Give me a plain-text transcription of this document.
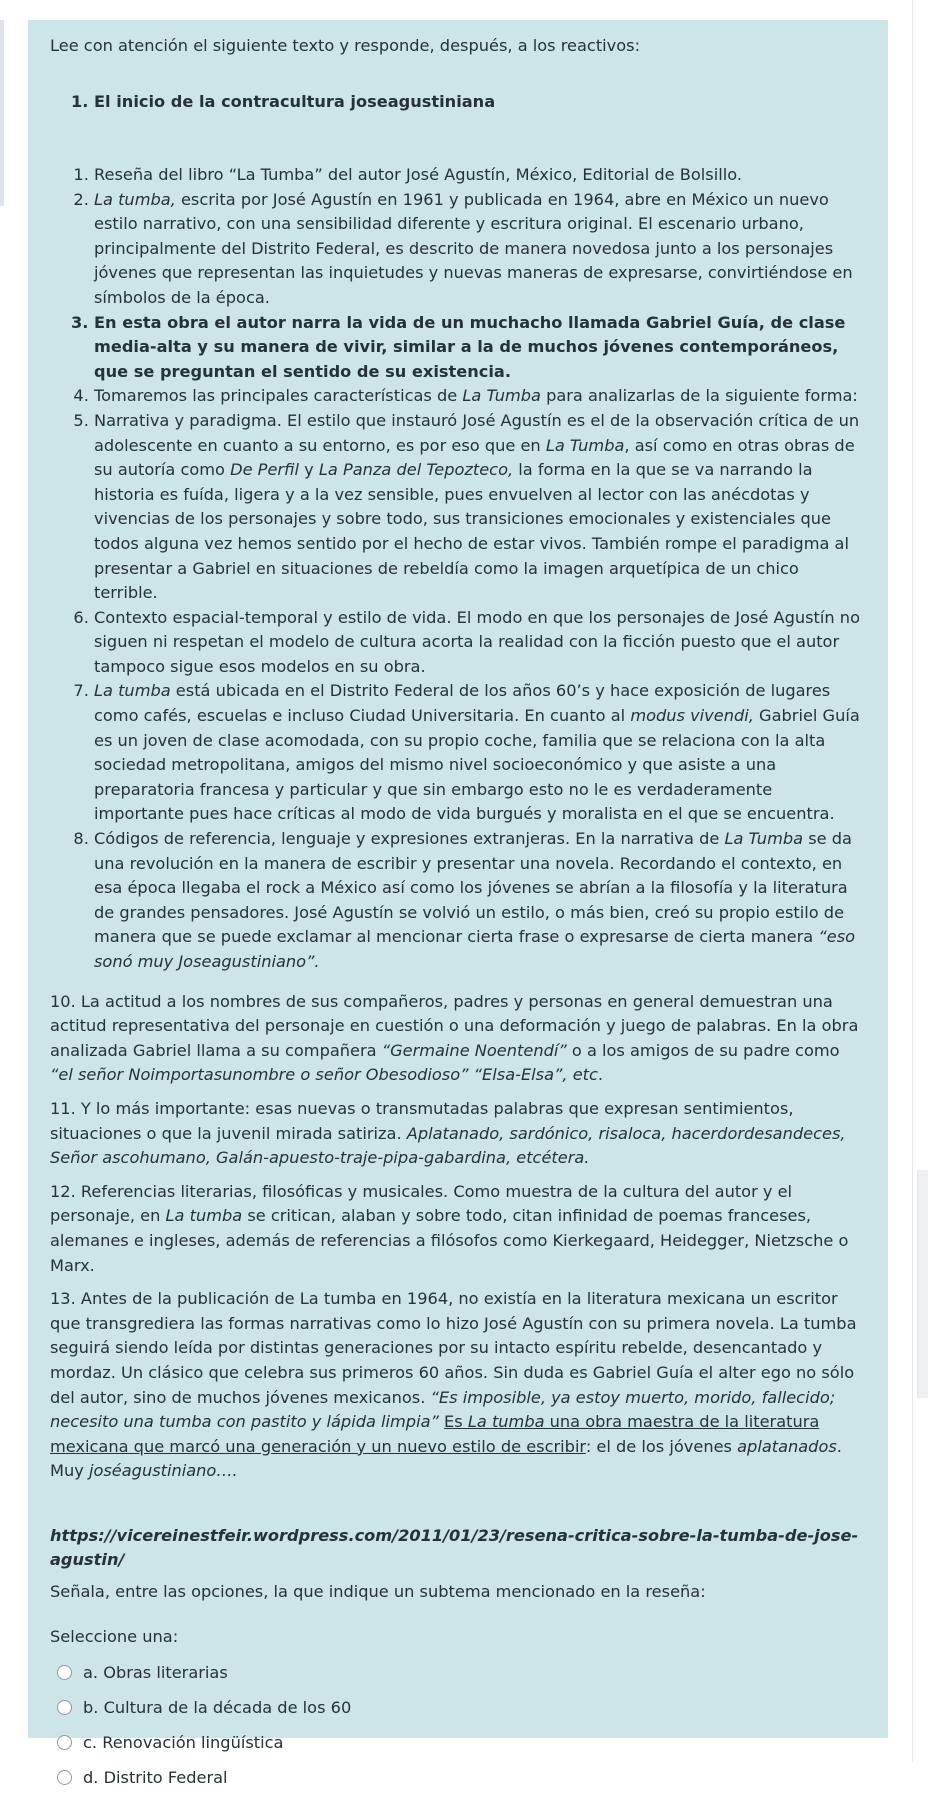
Lee con atención el siguiente texto y responde, después, a los reactivos:

1. El inicio de la contracultura joseagustiniana
1. Reseña del libro “La Tumba” del autor José Agustín, México, Editorial de Bolsillo.
2. La tumba, escrita por José Agustín en 1961 y publicada en 1964, abre en México un nuevo estilo narrativo, con una sensibilidad diferente y escritura original. El escenario urbano, principalmente del Distrito Federal, es descrito de manera novedosa junto a los personajes jóvenes que representan las inquietudes y nuevas maneras de expresarse, convirtiéndose en símbolos de la época.
3. En esta obra el autor narra la vida de un muchacho llamada Gabriel Guía, de clase media-alta y su manera de vivir, similar a la de muchos jóvenes contemporáneos, que se preguntan el sentido de su existencia.
4. Tomaremos las principales características de La Tumba para analizarlas de la siguiente forma:
5. Narrativa y paradigma. El estilo que instauró José Agustín es el de la observación crítica de un adolescente en cuanto a su entorno, es por eso que en La Tumba, así como en otras obras de su autoría como De Perfil y La Panza del Tepozteco, la forma en la que se va narrando la historia es fuída, ligera y a la vez sensible, pues envuelven al lector con las anécdotas y vivencias de los personajes y sobre todo, sus transiciones emocionales y existenciales que todos alguna vez hemos sentido por el hecho de estar vivos. También rompe el paradigma al presentar a Gabriel en situaciones de rebeldía como la imagen arquetípica de un chico terrible.
6. Contexto espacial-temporal y estilo de vida. El modo en que los personajes de José Agustín no siguen ni respetan el modelo de cultura acorta la realidad con la ficción puesto que el autor tampoco sigue esos modelos en su obra.
7. La tumba está ubicada en el Distrito Federal de los años 60’s y hace exposición de lugares como cafés, escuelas e incluso Ciudad Universitaria. En cuanto al modus vivendi, Gabriel Guía es un joven de clase acomodada, con su propio coche, familia que se relaciona con la alta sociedad metropolitana, amigos del mismo nivel socioeconómico y que asiste a una preparatoria francesa y particular y que sin embargo esto no le es verdaderamente importante pues hace críticas al modo de vida burgués y moralista en el que se encuentra.
8. Códigos de referencia, lenguaje y expresiones extranjeras. En la narrativa de La Tumba se da una revolución en la manera de escribir y presentar una novela. Recordando el contexto, en esa época llegaba el rock a México así como los jóvenes se abrían a la filosofía y la literatura de grandes pensadores. José Agustín se volvió un estilo, o más bien, creó su propio estilo de manera que se puede exclamar al mencionar cierta frase o expresarse de cierta manera “eso sonó muy Joseagustiniano”.

10. La actitud a los nombres de sus compañeros, padres y personas en general demuestran una actitud representativa del personaje en cuestión o una deformación y juego de palabras. En la obra analizada Gabriel llama a su compañera “Germaine Noentendí” o a los amigos de su padre como “el señor Noimportasunombre o señor Obesodioso” “Elsa-Elsa”, etc.

11. Y lo más importante: esas nuevas o transmutadas palabras que expresan sentimientos, situaciones o que la juvenil mirada satiriza. Aplatanado, sardónico, risaloca, hacerdordesandeces, Señor ascohumano, Galán-apuesto-traje-pipa-gabardina, etcétera.

12. Referencias literarias, filosóficas y musicales. Como muestra de la cultura del autor y el personaje, en La tumba se critican, alaban y sobre todo, citan infinidad de poemas franceses, alemanes e ingleses, además de referencias a filósofos como Kierkegaard, Heidegger, Nietzsche o Marx.

13. Antes de la publicación de La tumba en 1964, no existía en la literatura mexicana un escritor que transgrediera las formas narrativas como lo hizo José Agustín con su primera novela. La tumba seguirá siendo leída por distintas generaciones por su intacto espíritu rebelde, desencantado y mordaz. Un clásico que celebra sus primeros 60 años. Sin duda es Gabriel Guía el alter ego no sólo del autor, sino de muchos jóvenes mexicanos. “Es imposible, ya estoy muerto, morido, fallecido; necesito una tumba con pastito y lápida limpia” Es La tumba una obra maestra de la literatura mexicana que marcó una generación y un nuevo estilo de escribir: el de los jóvenes aplatanados. Muy joséagustiniano….

https://vicereinestfeir.wordpress.com/2011/01/23/resena-critica-sobre-la-tumba-de-jose-agustin/

Señala, entre las opciones, la que indique un subtema mencionado en la reseña:

Seleccione una:

a. Obras literarias
b. Cultura de la década de los 60
c. Renovación lingüística
d. Distrito Federal
